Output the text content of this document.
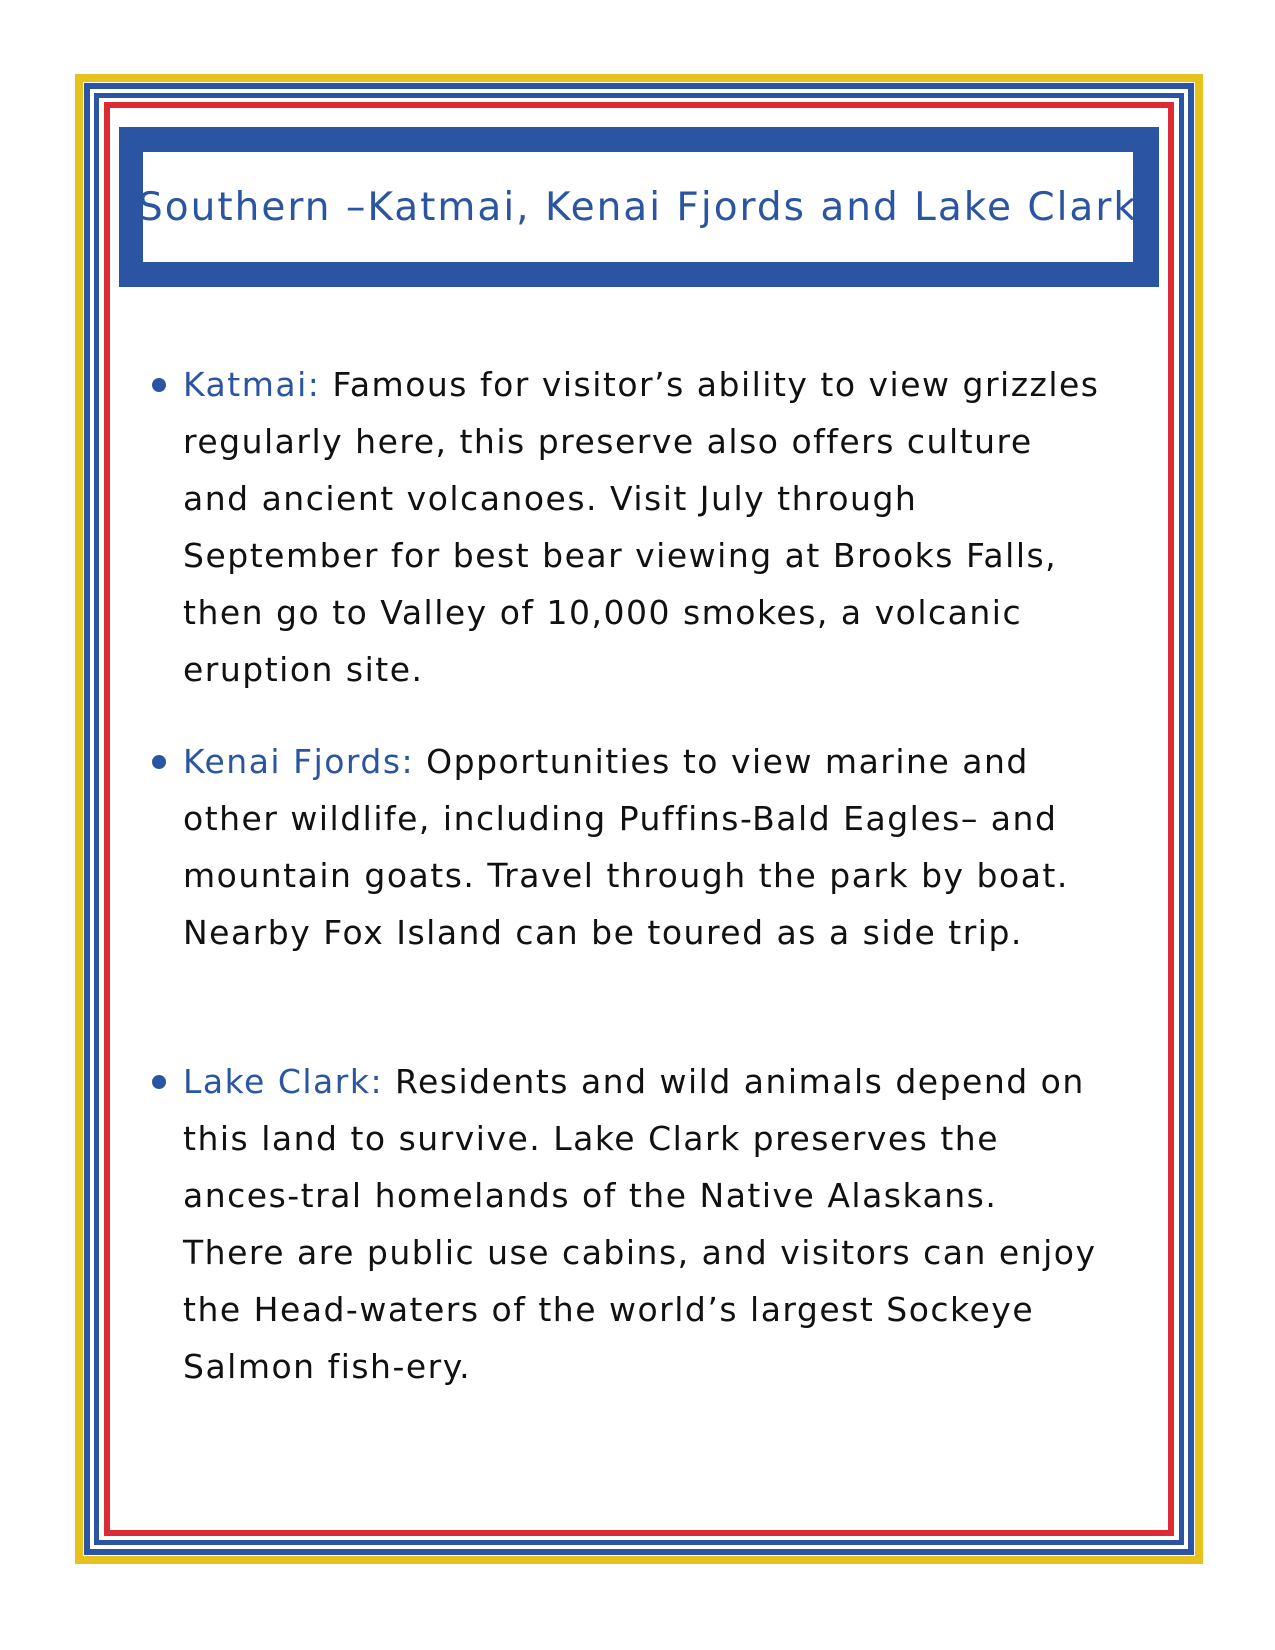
Southern –Katmai, Kenai Fjords and Lake Clark
Katmai: Famous for visitor’s ability to view grizzles regularly here, this preserve also offers culture and ancient volcanoes. Visit July through September for best bear viewing at Brooks Falls, then go to Valley of 10,000 smokes, a volcanic eruption site.
Kenai Fjords: Opportunities to view marine and other wildlife, including Puffins-Bald Eagles– and mountain goats. Travel through the park by boat. Nearby Fox Island can be toured as a side trip.
Lake Clark: Residents and wild animals depend on this land to survive. Lake Clark preserves the ances-tral homelands of the Native Alaskans. There are public use cabins, and visitors can enjoy the Head-waters of the world’s largest Sockeye Salmon fish-ery.
